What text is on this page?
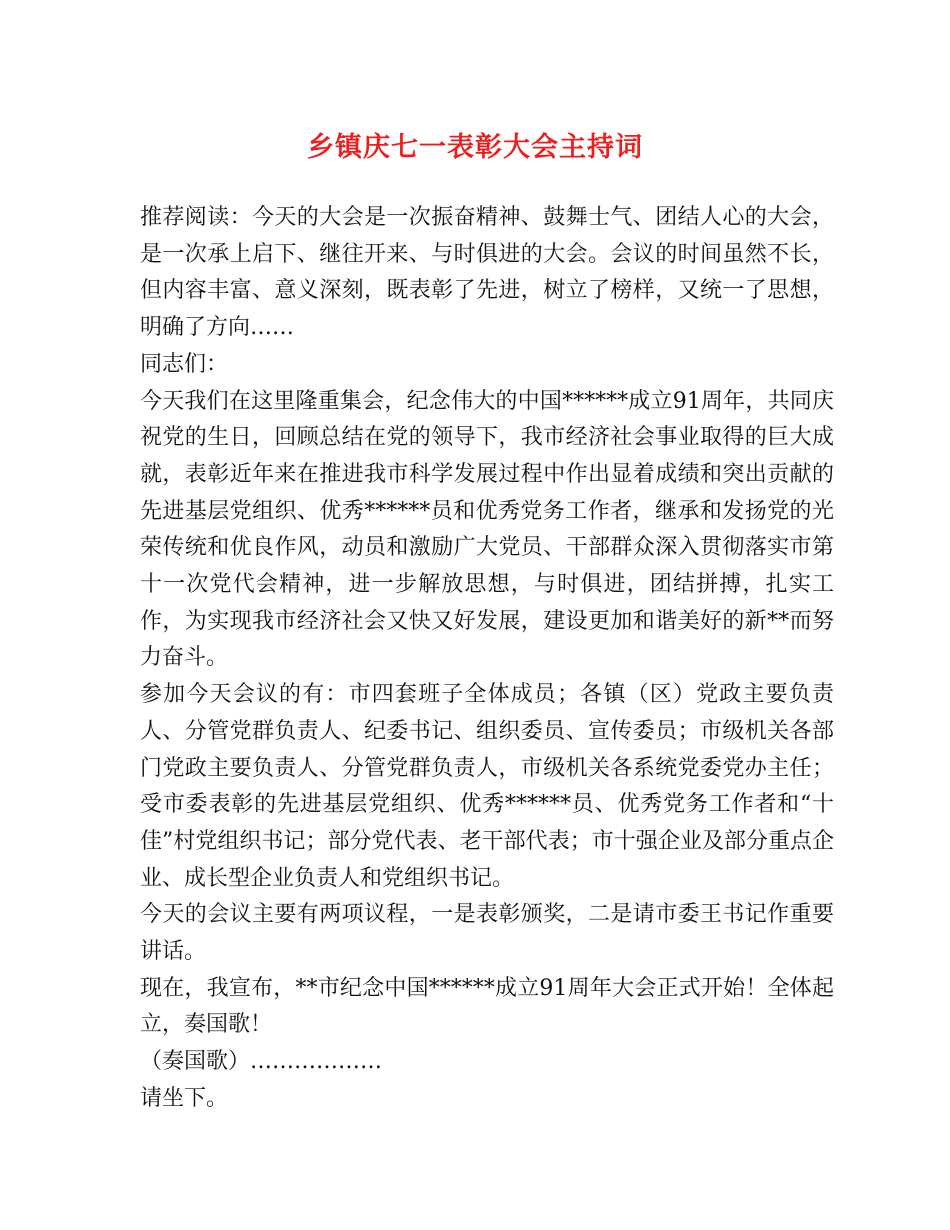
乡镇庆七一表彰大会主持词

推荐阅读：今天的大会是一次振奋精神、鼓舞士气、团结人心的大会，是一次承上启下、继往开来、与时俱进的大会。会议的时间虽然不长，但内容丰富、意义深刻，既表彰了先进，树立了榜样，又统一了思想，明确了方向……

同志们：

今天我们在这里隆重集会，纪念伟大的中国******成立91周年，共同庆祝党的生日，回顾总结在党的领导下，我市经济社会事业取得的巨大成就，表彰近年来在推进我市科学发展过程中作出显着成绩和突出贡献的先进基层党组织、优秀******员和优秀党务工作者，继承和发扬党的光荣传统和优良作风，动员和激励广大党员、干部群众深入贯彻落实市第十一次党代会精神，进一步解放思想，与时俱进，团结拼搏，扎实工作，为实现我市经济社会又快又好发展，建设更加和谐美好的新**而努力奋斗。

参加今天会议的有：市四套班子全体成员；各镇（区）党政主要负责人、分管党群负责人、纪委书记、组织委员、宣传委员；市级机关各部门党政主要负责人、分管党群负责人，市级机关各系统党委党办主任；受市委表彰的先进基层党组织、优秀******员、优秀党务工作者和“十佳”村党组织书记；部分党代表、老干部代表；市十强企业及部分重点企业、成长型企业负责人和党组织书记。

今天的会议主要有两项议程，一是表彰颁奖，二是请市委王书记作重要讲话。

现在，我宣布，**市纪念中国******成立91周年大会正式开始！全体起立，奏国歌！

（奏国歌）………………

请坐下。
